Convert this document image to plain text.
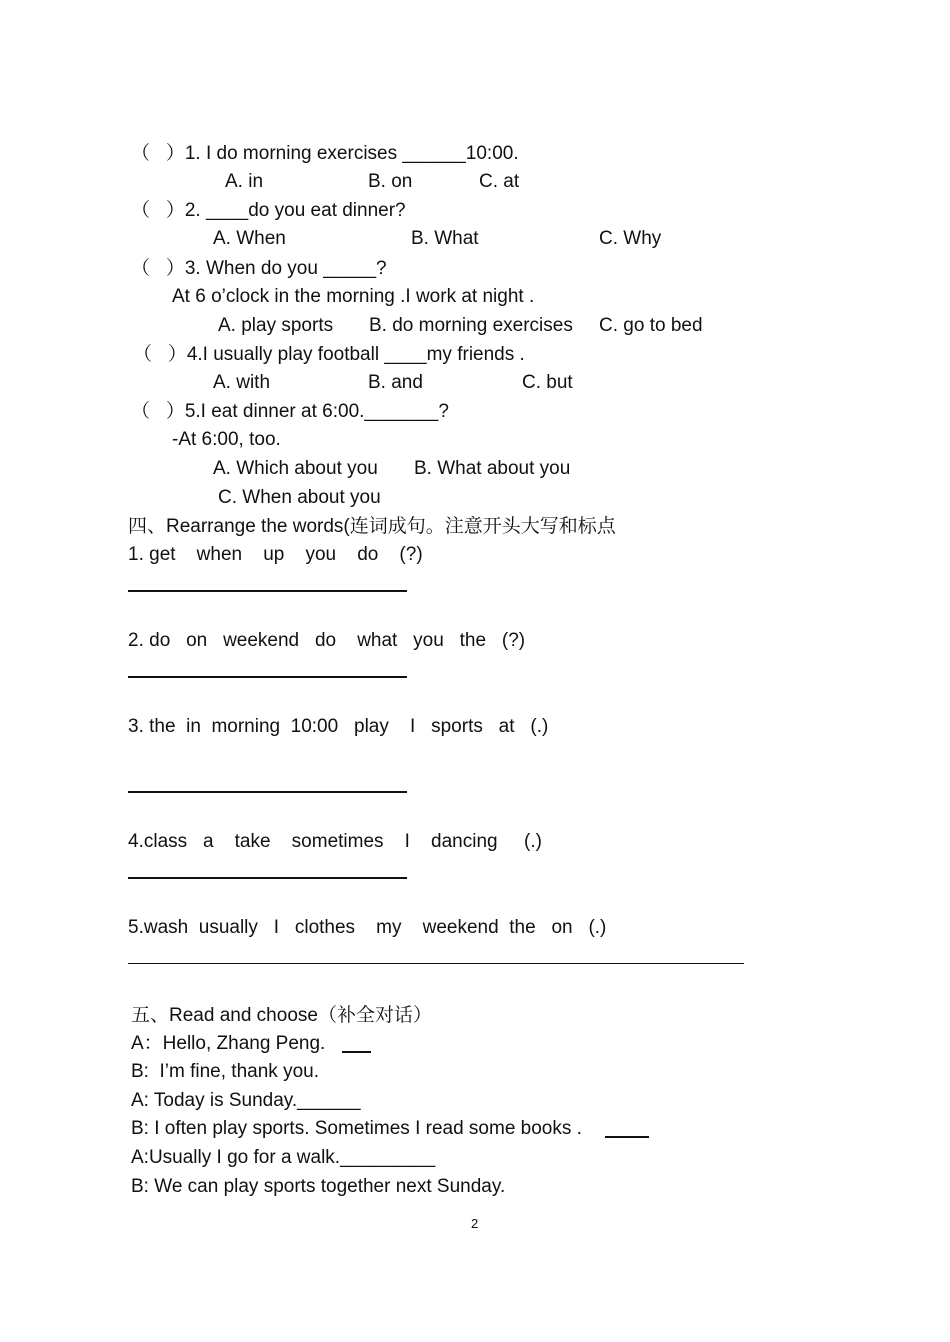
（   ）1. I do morning exercises ______10:00.
A. in	B. on	C. at
（   ）2. ____do you eat dinner?
A. When	B. What	C. Why
（   ）3. When do you _____?
At 6 o’clock in the morning .I work at night .
A. play sports B. do morning exercises C. go to bed
（   ）4.I usually play football ____my friends .
A. with	B. and	C. but
（   ）5.I eat dinner at 6:00._______?
-At 6:00, too.
A. Which about you B. What about you
C. When about you
四、Rearrange the words(连词成句。注意开头大写和标点
1. get    when    up    you    do    (?)
2. do   on   weekend   do    what   you   the   (?)
3. the  in  morning  10:00   play    I   sports   at   (.)
4.class   a    take    sometimes    I    dancing     (.)
5.wash  usually   I   clothes    my    weekend  the   on   (.)
五、Read and choose（补全对话）
A：Hello, Zhang Peng.
B:  I’m fine, thank you.
A: Today is Sunday.______
B: I often play sports. Sometimes I read some books .
A:Usually I go for a walk._________
B: We can play sports together next Sunday.
2
